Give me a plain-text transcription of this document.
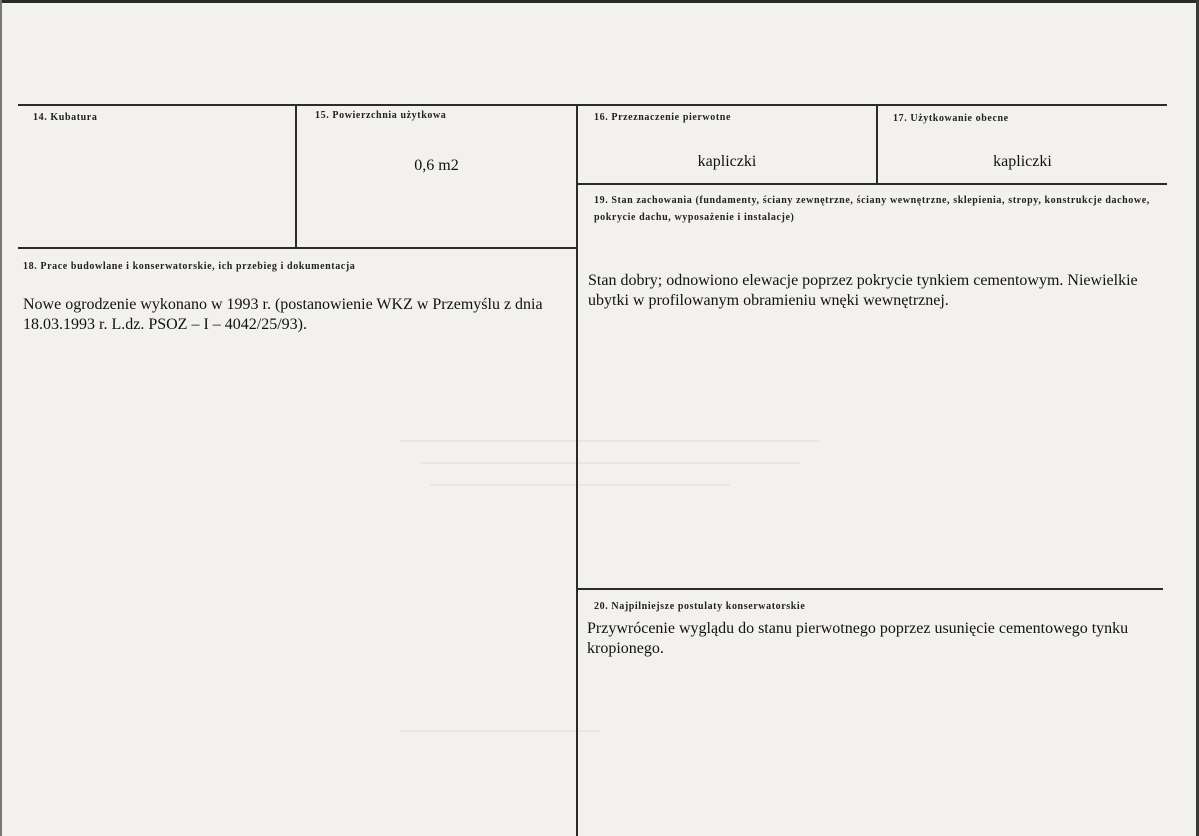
14. Kubatura	15. Powierzchnia użytkowa
0,6 m2
16. Przeznaczenie pierwotne
kapliczki
17. Użytkowanie obecne
kapliczki
18. Prace budowlane i konserwatorskie, ich przebieg i dokumentacja
Nowe ogrodzenie wykonano w 1993 r. (postanowienie WKZ w Przemyślu z dnia 18.03.1993 r. L.dz. PSOZ – I – 4042/25/93).
19. Stan zachowania (fundamenty, ściany zewnętrzne, ściany wewnętrzne, sklepienia, stropy, konstrukcje dachowe, pokrycie dachu, wyposażenie i instalacje)
Stan dobry; odnowiono elewacje poprzez pokrycie tynkiem cementowym. Niewielkie ubytki w profilowanym obramieniu wnęki wewnętrznej.
20. Najpilniejsze postulaty konserwatorskie
Przywrócenie wyglądu do stanu pierwotnego poprzez usunięcie cementowego tynku kropionego.
